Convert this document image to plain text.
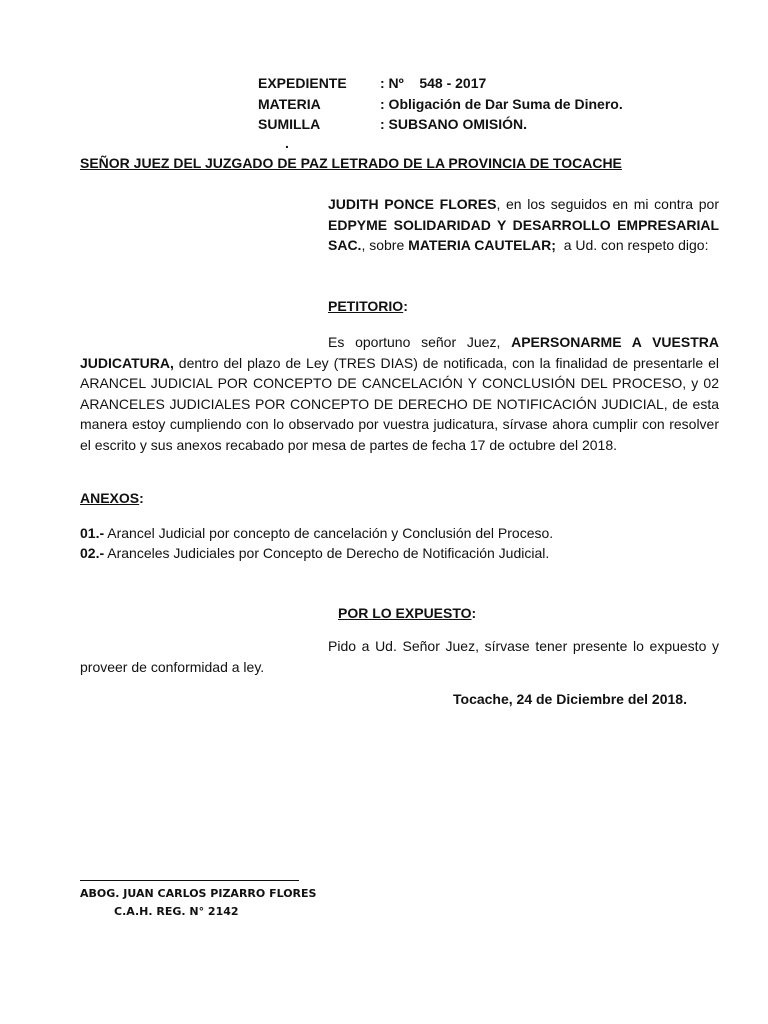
EXPEDIENTE	: Nº    548 - 2017
MATERIA	: Obligación de Dar Suma de Dinero.
SUMILLA	: SUBSANO OMISIÓN.
.
SEÑOR JUEZ DEL JUZGADO DE PAZ LETRADO DE LA PROVINCIA DE TOCACHE
JUDITH PONCE FLORES, en los seguidos en mi contra por EDPYME SOLIDARIDAD Y DESARROLLO EMPRESARIAL SAC., sobre MATERIA CAUTELAR;  a Ud. con respeto digo:
PETITORIO:
Es oportuno señor Juez, APERSONARME A VUESTRA JUDICATURA, dentro del plazo de Ley (TRES DIAS) de notificada, con la finalidad de presentarle el ARANCEL JUDICIAL POR CONCEPTO DE CANCELACIÓN Y CONCLUSIÓN DEL PROCESO, y 02 ARANCELES JUDICIALES POR CONCEPTO DE DERECHO DE NOTIFICACIÓN JUDICIAL, de esta manera estoy cumpliendo con lo observado por vuestra judicatura, sírvase ahora cumplir con resolver el escrito y sus anexos recabado por mesa de partes de fecha 17 de octubre del 2018.
ANEXOS:
01.- Arancel Judicial por concepto de cancelación y Conclusión del Proceso.
02.- Aranceles Judiciales por Concepto de Derecho de Notificación Judicial.
POR LO EXPUESTO:
Pido a Ud. Señor Juez, sírvase tener presente lo expuesto y proveer de conformidad a ley.
Tocache, 24 de Diciembre del 2018.
ABOG. JUAN CARLOS PIZARRO FLORES
C.A.H. REG. N° 2142
